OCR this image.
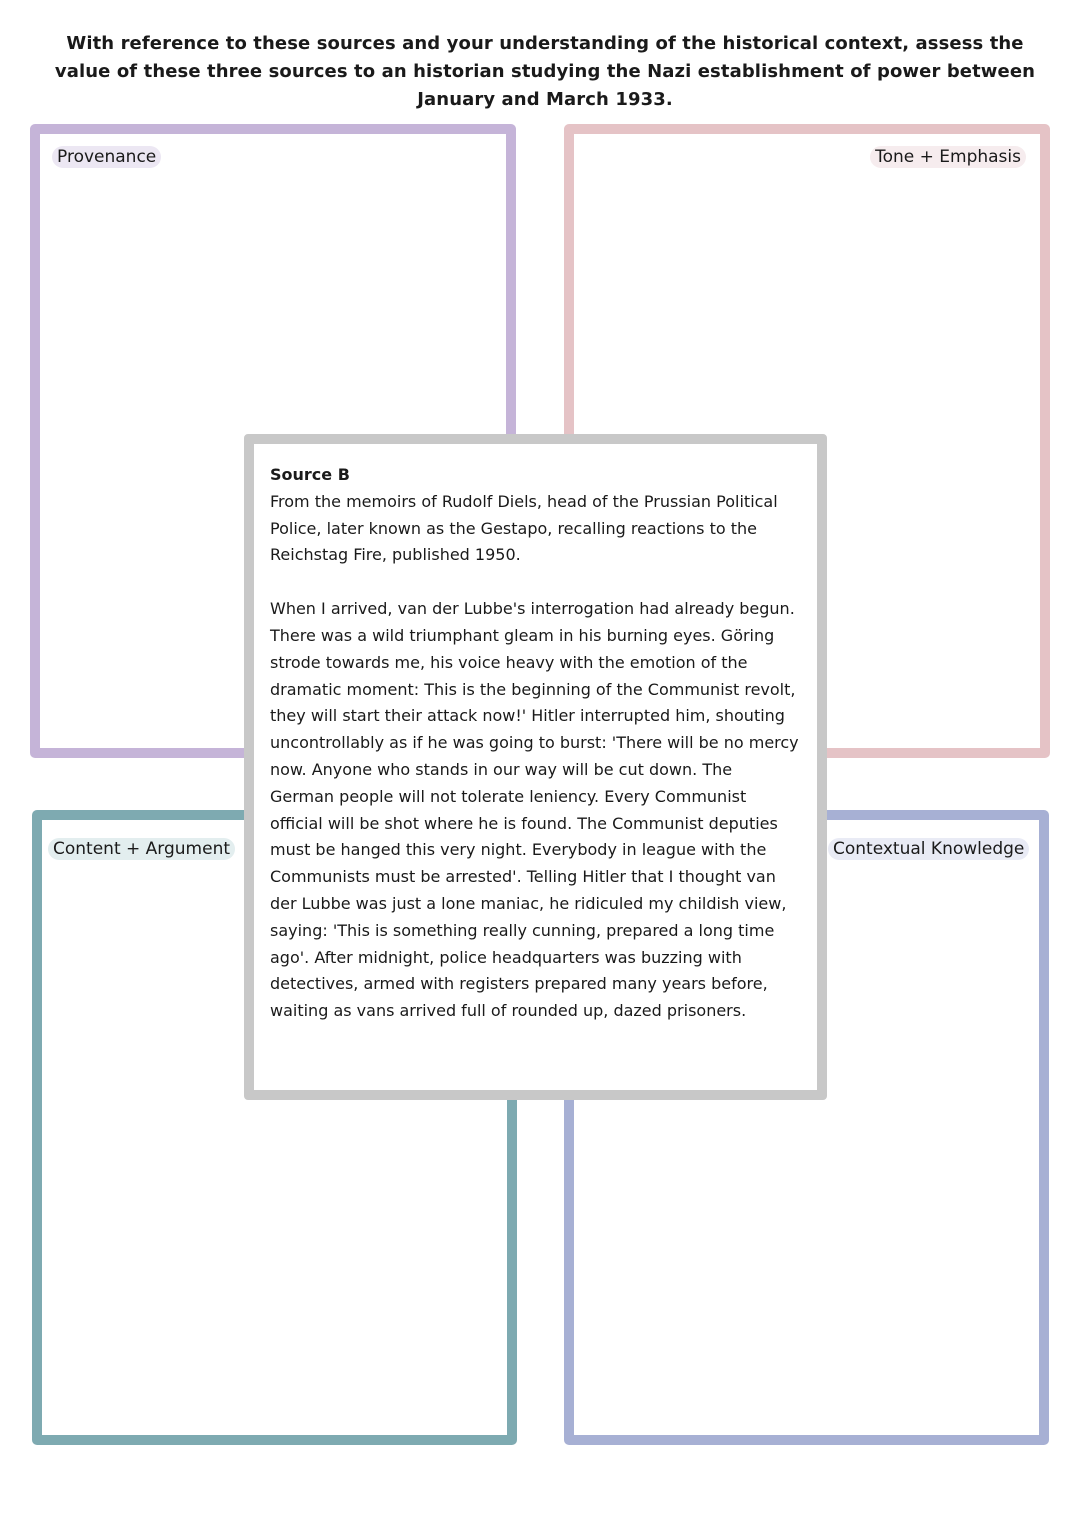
With reference to these sources and your understanding of the historical context, assess the value of these three sources to an historian studying the Nazi establishment of power between January and March 1933.
Provenance	Tone + Emphasis
Content + Argument	Contextual Knowledge

Source B

From the memoirs of Rudolf Diels, head of the Prussian Political Police, later known as the Gestapo, recalling reactions to the Reichstag Fire, published 1950.

When I arrived, van der Lubbe's interrogation had already begun. There was a wild triumphant gleam in his burning eyes. Göring strode towards me, his voice heavy with the emotion of the dramatic moment: This is the beginning of the Communist revolt, they will start their attack now!' Hitler interrupted him, shouting uncontrollably as if he was going to burst: 'There will be no mercy now. Anyone who stands in our way will be cut down. The German people will not tolerate leniency. Every Communist official will be shot where he is found. The Communist deputies must be hanged this very night. Everybody in league with the Communists must be arrested'. Telling Hitler that I thought van der Lubbe was just a lone maniac, he ridiculed my childish view, saying: 'This is something really cunning, prepared a long time ago'. After midnight, police headquarters was buzzing with detectives, armed with registers prepared many years before, waiting as vans arrived full of rounded up, dazed prisoners.
